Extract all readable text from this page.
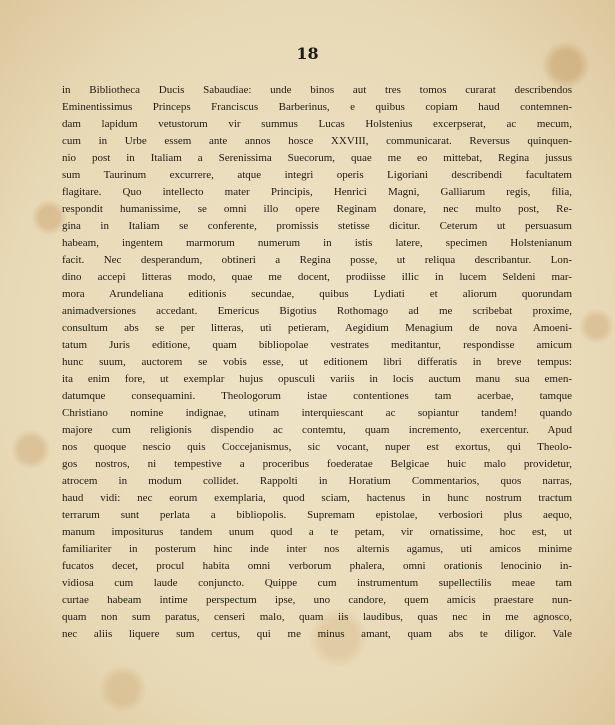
18

in Bibliotheca Ducis Sabaudiae: unde binos aut tres tomos curarat describendos
Eminentissimus Princeps Franciscus Barberinus, e quibus copiam haud contemnen-
dam lapidum vetustorum vir summus Lucas Holstenius excerpserat, ac mecum,
cum in Urbe essem ante annos hosce XXVIII, communicarat. Reversus quinquen-
nio post in Italiam a Serenissima Suecorum, quae me eo mittebat, Regina jussus
sum Taurinum excurrere, atque integri operis Ligoriani describendi facultatem
flagitare. Quo intellecto mater Principis, Henrici Magni, Galliarum regis, filia,
respondit humanissime, se omni illo opere Reginam donare, nec multo post, Re-
gina in Italiam se conferente, promissis stetisse dicitur. Ceterum ut persuasum
habeam, ingentem marmorum numerum in istis latere, specimen Holstenianum
facit. Nec desperandum, obtineri a Regina posse, ut reliqua describantur. Lon-
dino accepi litteras modo, quae me docent, prodiisse illic in lucem Seldeni mar-
mora Arundeliana editionis secundae, quibus Lydiati et aliorum quorundam
animadversiones accedant. Emericus Bigotius Rothomago ad me scribebat proxime,
consultum abs se per litteras, uti petieram, Aegidium Menagium de nova Amoeni-
tatum Juris editione, quam bibliopolae vestrates meditantur, respondisse amicum
hunc suum, auctorem se vobis esse, ut editionem libri differatis in breve tempus:
ita enim fore, ut exemplar hujus opusculi variis in locis auctum manu sua emen-
datumque consequamini. Theologorum istae contentiones tam acerbae, tamque
Christiano nomine indignae, utinam interquiescant ac sopiantur tandem! quando
majore cum religionis dispendio ac contemtu, quam incremento, exercentur. Apud
nos quoque nescio quis Coccejanismus, sic vocant, nuper est exortus, qui Theolo-
gos nostros, ni tempestive a proceribus foederatae Belgicae huic malo providetur,
atrocem in modum collidet. Rappolti in Horatium Commentarios, quos narras,
haud vidi: nec eorum exemplaria, quod sciam, hactenus in hunc nostrum tractum
terrarum sunt perlata a bibliopolis. Supremam epistolae, verbosiori plus aequo,
manum impositurus tandem unum quod a te petam, vir ornatissime, hoc est, ut
familiariter in posterum hinc inde inter nos alternis agamus, uti amicos minime
fucatos decet, procul habita omni verborum phalera, omni orationis lenocinio in-
vidiosa cum laude conjuncto. Quippe cum instrumentum supellectilis meae tam
curtae habeam intime perspectum ipse, uno candore, quem amicis praestare nun-
quam non sum paratus, censeri malo, quam iis laudibus, quas nec in me agnosco,
nec aliis liquere sum certus, qui me minus amant, quam abs te diligor. Vale
